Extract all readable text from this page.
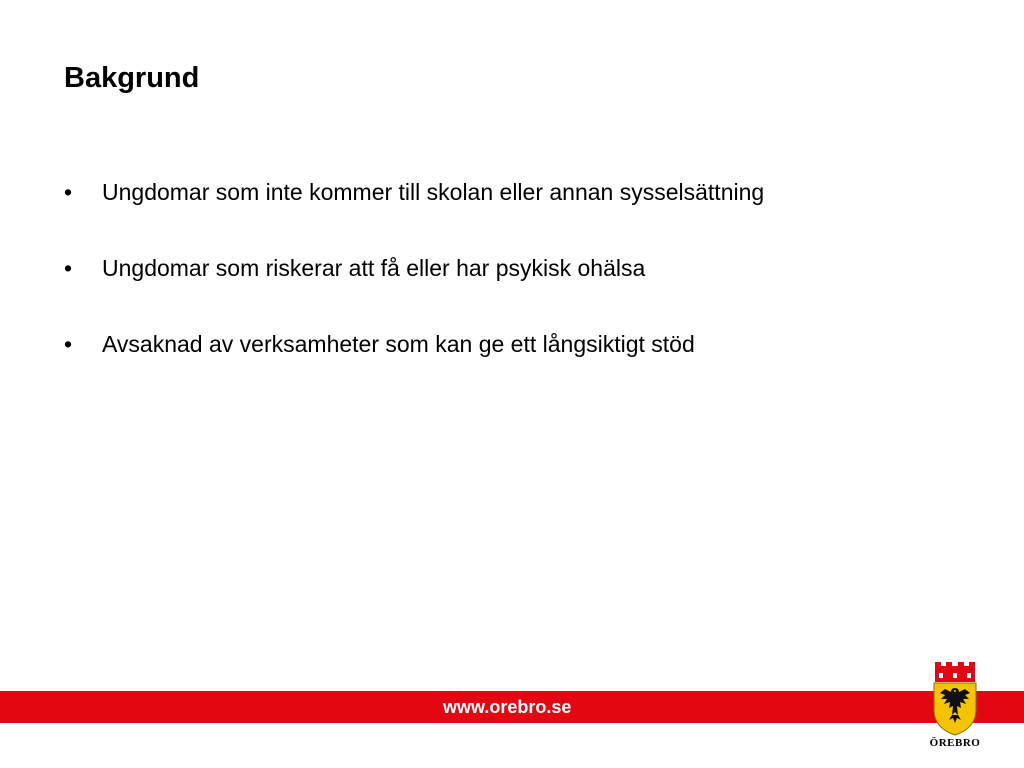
Bakgrund
•	Ungdomar som inte kommer till skolan eller annan sysselsättning
•	Ungdomar som riskerar att få eller har psykisk ohälsa
•	Avsaknad av verksamheter som kan ge ett långsiktigt stöd
www.orebro.se
ÖREBRO
